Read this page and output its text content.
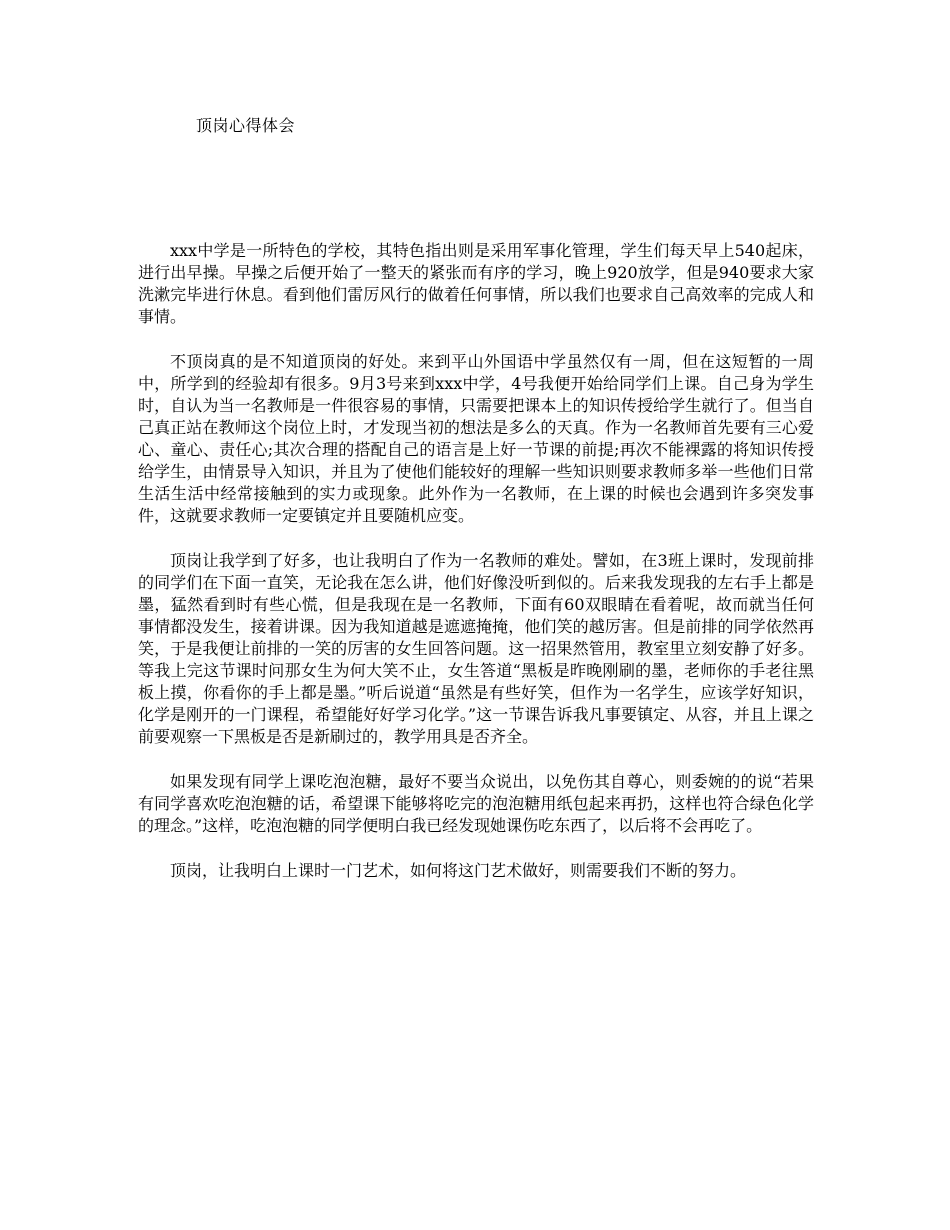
顶岗心得体会

xxx中学是一所特色的学校，其特色指出则是采用军事化管理，学生们每天早上540起床，进行出早操。早操之后便开始了一整天的紧张而有序的学习，晚上920放学，但是940要求大家洗漱完毕进行休息。看到他们雷厉风行的做着任何事情，所以我们也要求自己高效率的完成人和事情。

不顶岗真的是不知道顶岗的好处。来到平山外国语中学虽然仅有一周，但在这短暂的一周中，所学到的经验却有很多。9月3号来到xxx中学，4号我便开始给同学们上课。自己身为学生时，自认为当一名教师是一件很容易的事情，只需要把课本上的知识传授给学生就行了。但当自己真正站在教师这个岗位上时，才发现当初的想法是多么的天真。作为一名教师首先要有三心爱心、童心、责任心;其次合理的搭配自己的语言是上好一节课的前提;再次不能裸露的将知识传授给学生，由情景导入知识，并且为了使他们能较好的理解一些知识则要求教师多举一些他们日常生活生活中经常接触到的实力或现象。此外作为一名教师，在上课的时候也会遇到许多突发事件，这就要求教师一定要镇定并且要随机应变。

顶岗让我学到了好多，也让我明白了作为一名教师的难处。譬如，在3班上课时，发现前排的同学们在下面一直笑，无论我在怎么讲，他们好像没听到似的。后来我发现我的左右手上都是墨，猛然看到时有些心慌，但是我现在是一名教师，下面有60双眼睛在看着呢，故而就当任何事情都没发生，接着讲课。因为我知道越是遮遮掩掩，他们笑的越厉害。但是前排的同学依然再笑，于是我便让前排的一笑的厉害的女生回答问题。这一招果然管用，教室里立刻安静了好多。等我上完这节课时问那女生为何大笑不止，女生答道“黑板是昨晚刚刷的墨，老师你的手老往黑板上摸，你看你的手上都是墨。”听后说道“虽然是有些好笑，但作为一名学生，应该学好知识，化学是刚开的一门课程，希望能好好学习化学。”这一节课告诉我凡事要镇定、从容，并且上课之前要观察一下黑板是否是新刷过的，教学用具是否齐全。

如果发现有同学上课吃泡泡糖，最好不要当众说出，以免伤其自尊心，则委婉的的说“若果有同学喜欢吃泡泡糖的话，希望课下能够将吃完的泡泡糖用纸包起来再扔，这样也符合绿色化学的理念。”这样，吃泡泡糖的同学便明白我已经发现她课伤吃东西了，以后将不会再吃了。

顶岗，让我明白上课时一门艺术，如何将这门艺术做好，则需要我们不断的努力。
